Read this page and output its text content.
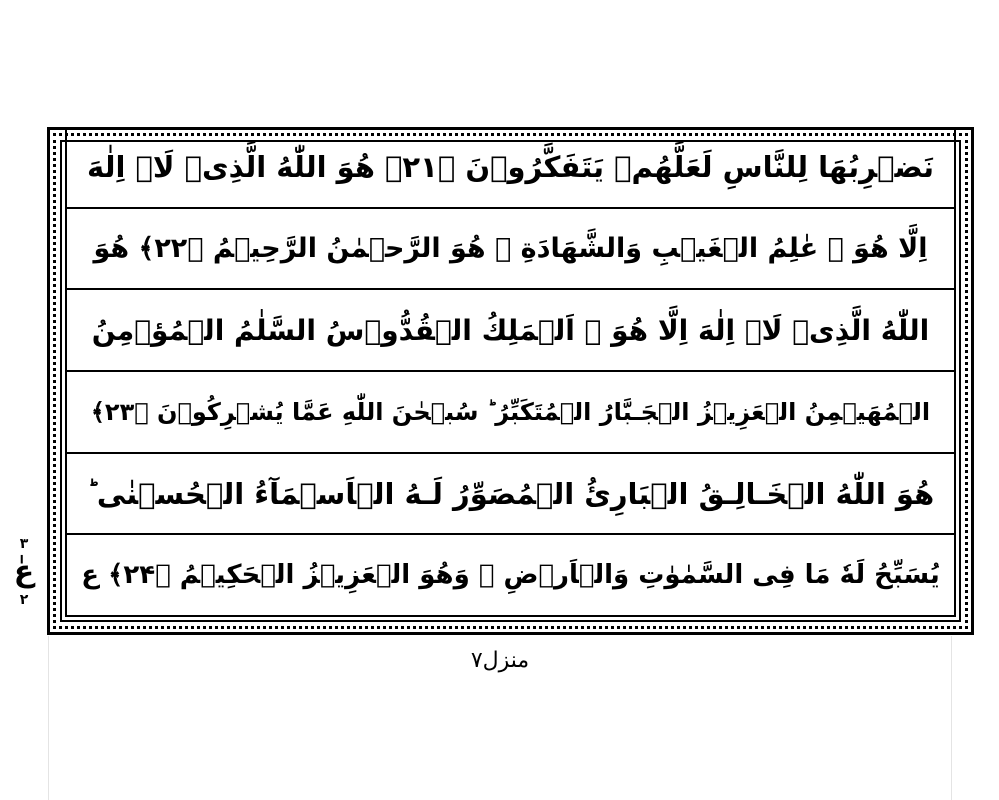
نَضۡرِبُهَا لِلنَّاسِ لَعَلَّهُمۡ يَتَفَكَّرُوۡنَ ﴿۲۱﴾ هُوَ اللّٰهُ الَّذِىۡ لَاۤ اِلٰهَ
اِلَّا هُوَ‌ ۚ عٰلِمُ الۡغَيۡبِ وَالشَّهَادَةِ‌ ۚ هُوَ الرَّحۡمٰنُ الرَّحِيۡمُ ﴿۲۲﴾ هُوَ
اللّٰهُ الَّذِىۡ لَاۤ اِلٰهَ اِلَّا هُوَ‌ ۚ اَلۡمَلِكُ الۡقُدُّوۡسُ السَّلٰمُ الۡمُؤۡمِنُ
الۡمُهَيۡمِنُ الۡعَزِيۡزُ الۡجَـبَّارُ الۡمُتَكَبِّرُ‌ ؕ سُبۡحٰنَ اللّٰهِ عَمَّا يُشۡرِكُوۡنَ ﴿۲۳﴾
هُوَ اللّٰهُ الۡخَـالِـقُ الۡبَارِئُ الۡمُصَوِّرُ‌ لَـهُ الۡاَسۡمَآءُ الۡحُسۡنٰى‌ ؕ
يُسَبِّحُ لَهٗ مَا فِى السَّمٰوٰتِ وَالۡاَرۡضِ‌ ۚ وَهُوَ الۡعَزِيۡزُ الۡحَكِيۡمُ ﴿۲۴﴾ ع
۳
عٰ
۲
منزل۷
